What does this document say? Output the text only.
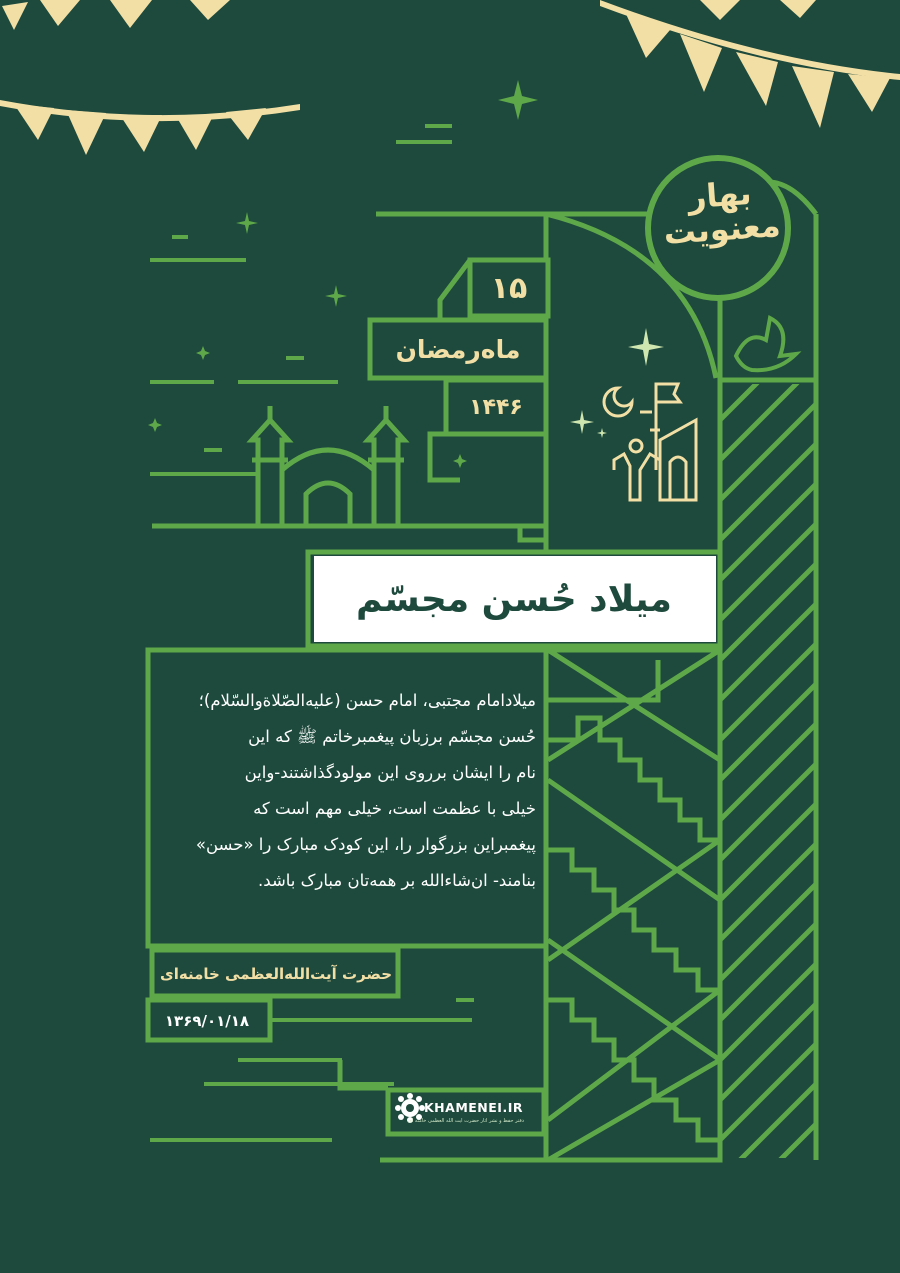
بهار
معنویت
۱۵
ماه‌رمضان
۱۴۴۶
میلاد حُسن مجسّم

میلادامام مجتبی، امام حسن (علیه‌الصّلاةوالسّلام)؛

حُسن مجسّم برزبان پیغمبرخاتم ﷺ که این

نام را ایشان برروی این مولودگذاشتند-واین

خیلی با عظمت است، خیلی مهم است که

پیغمبراین بزرگوار را، این کودک مبارک را «حسن»

بنامند- ان‌شاءالله بر همه‌تان مبارک باشد.

حضرت آیت‌الله‌العظمی خامنه‌ای
۱۳۶۹/۰۱/۱۸
KHAMENEI.IR
دفتر حفظ و نشر آثار حضرت آیت الله العظمی خامنه ای
